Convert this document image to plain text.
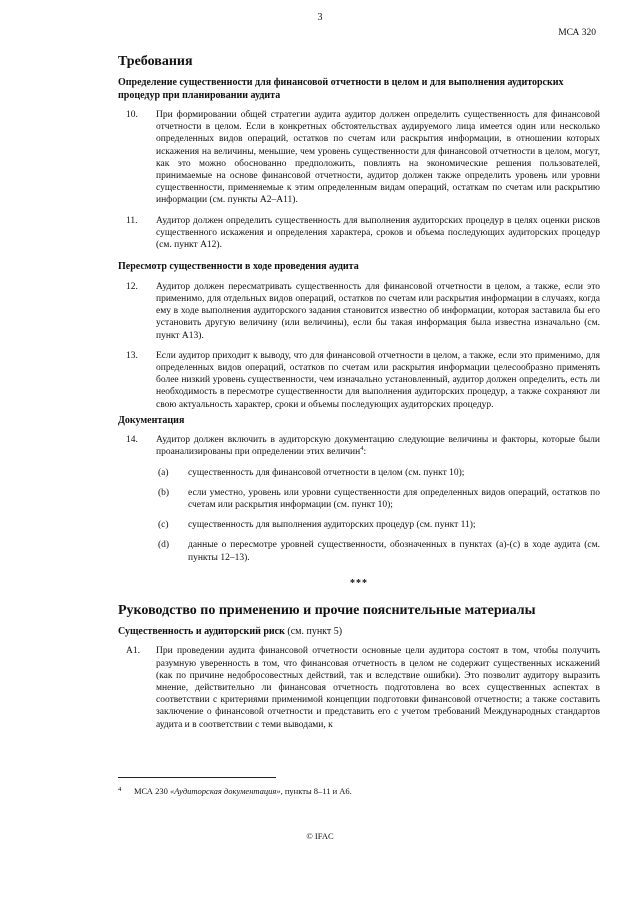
3
МСА 320
Требования
Определение существенности для финансовой отчетности в целом и для выполнения аудиторских процедур при планировании аудита
10. При формировании общей стратегии аудита аудитор должен определить существенность для финансовой отчетности в целом. Если в конкретных обстоятельствах аудируемого лица имеется один или несколько определенных видов операций, остатков по счетам или раскрытия информации, в отношении которых искажения на величины, меньшие, чем уровень существенности для финансовой отчетности в целом, могут, как это можно обоснованно предположить, повлиять на экономические решения пользователей, принимаемые на основе финансовой отчетности, аудитор должен также определить уровень или уровни существенности, применяемые к этим определенным видам операций, остаткам по счетам или раскрытию информации (см. пункты А2–А11).

11. Аудитор должен определить существенность для выполнения аудиторских процедур в целях оценки рисков существенного искажения и определения характера, сроков и объема последующих аудиторских процедур (см. пункт А12).

Пересмотр существенности в ходе проведения аудита
12. Аудитор должен пересматривать существенность для финансовой отчетности в целом, а также, если это применимо, для отдельных видов операций, остатков по счетам или раскрытия информации в случаях, когда ему в ходе выполнения аудиторского задания становится известно об информации, которая заставила бы его установить другую величину (или величины), если бы такая информация была известна изначально (см. пункт А13).

13. Если аудитор приходит к выводу, что для финансовой отчетности в целом, а также, если это применимо, для определенных видов операций, остатков по счетам или раскрытия информации целесообразно применять более низкий уровень существенности, чем изначально установленный, аудитор должен определить, есть ли необходимость в пересмотре существенности для выполнения аудиторских процедур, а также сохраняют ли свою актуальность характер, сроки и объемы последующих аудиторских процедур.

Документация
14. Аудитор должен включить в аудиторскую документацию следующие величины и факторы, которые были проанализированы при определении этих величин$^4$:

(a) существенность для финансовой отчетности в целом (см. пункт 10);

(b) если уместно, уровень или уровни существенности для определенных видов операций, остатков по счетам или раскрытия информации (см. пункт 10);

(c) существенность для выполнения аудиторских процедур (см. пункт 11);

(d) данные о пересмотре уровней существенности, обозначенных в пунктах (a)-(c) в ходе аудита (см. пункты 12–13).

***
Руководство по применению и прочие пояснительные материалы
Существенность и аудиторский риск (см. пункт 5)
A1. При проведении аудита финансовой отчетности основные цели аудитора состоят в том, чтобы получить разумную уверенность в том, что финансовая отчетность в целом не содержит существенных искажений (как по причине недобросовестных действий, так и вследствие ошибки). Это позволит аудитору выразить мнение, действительно ли финансовая отчетность подготовлена во всех существенных аспектах в соответствии с критериями применимой концепции подготовки финансовой отчетности; а также составить заключение о финансовой отчетности и представить его с учетом требований Международных стандартов аудита и в соответствии с теми выводами, к

4	МСА 230 «Аудиторская документация», пункты 8–11 и А6.
© IFAC
